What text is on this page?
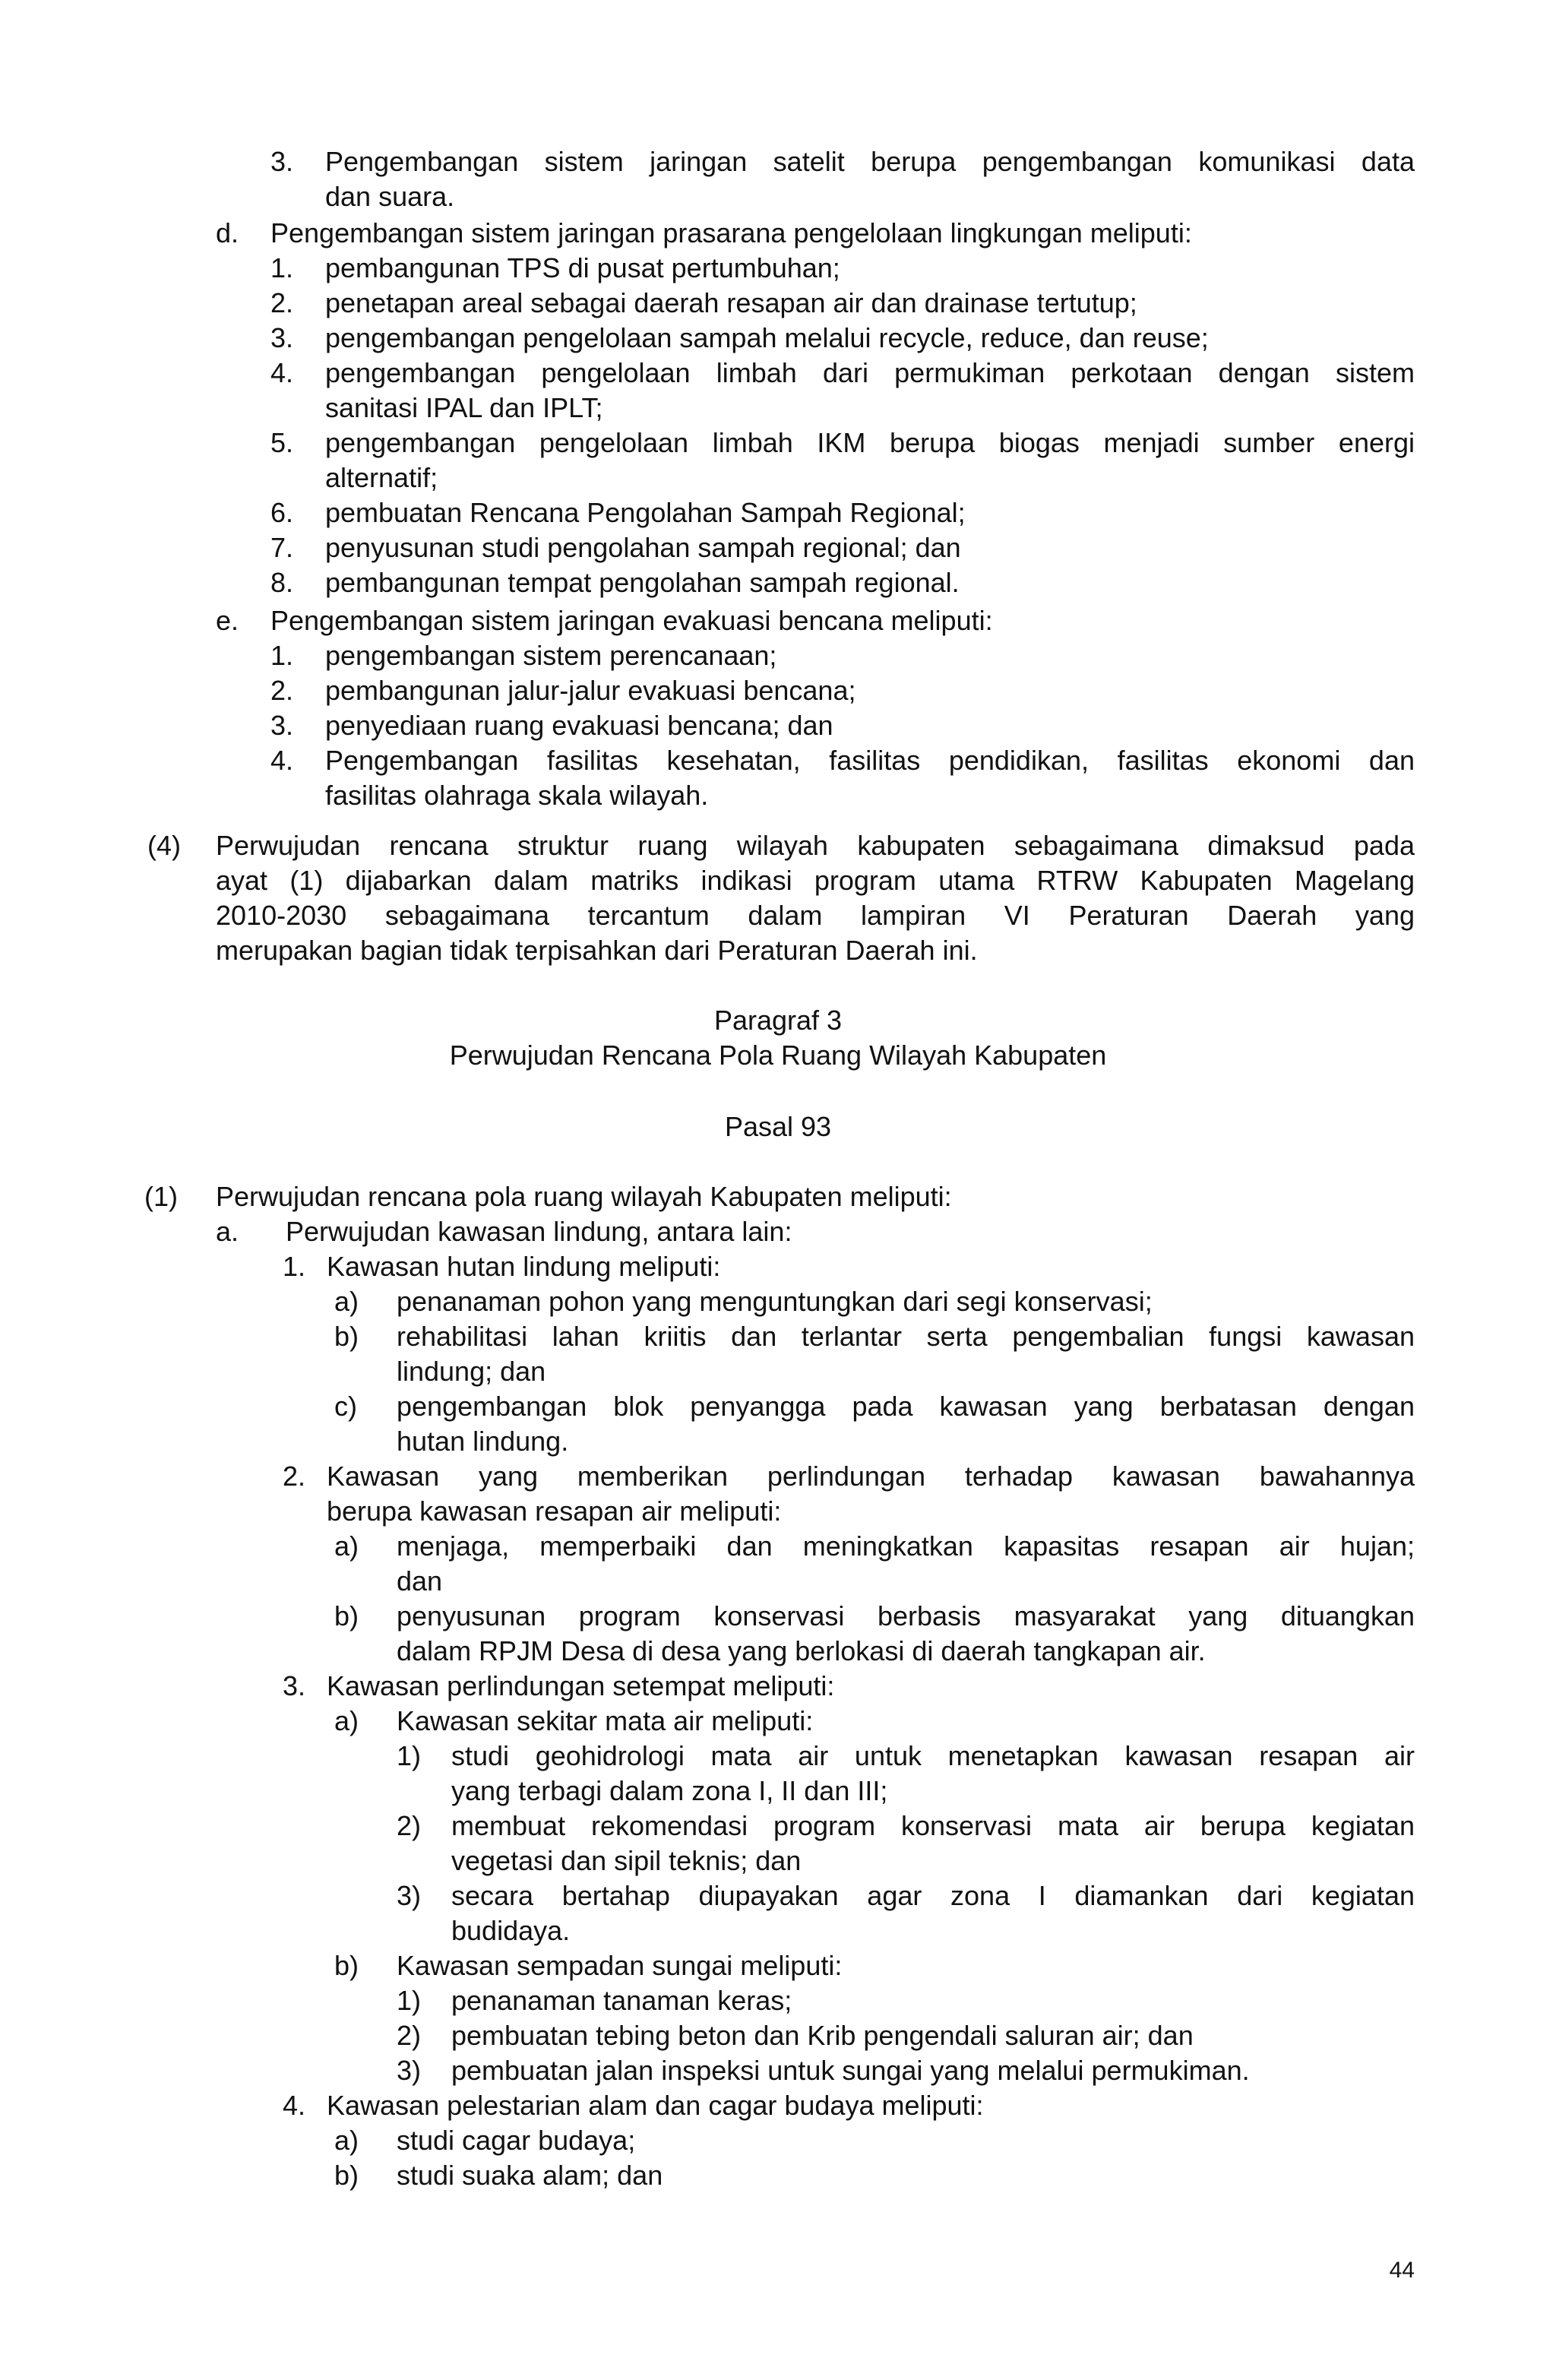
3. Pengembangan sistem jaringan satelit berupa pengembangan komunikasi data
dan suara.
d. Pengembangan sistem jaringan prasarana pengelolaan lingkungan meliputi:
1. pembangunan TPS di pusat pertumbuhan;
2. penetapan areal sebagai daerah resapan air dan drainase tertutup;
3. pengembangan pengelolaan sampah melalui recycle, reduce, dan reuse;
4. pengembangan pengelolaan limbah dari permukiman perkotaan dengan sistem
sanitasi IPAL dan IPLT;
5. pengembangan pengelolaan limbah IKM berupa biogas menjadi sumber energi
alternatif;
6. pembuatan Rencana Pengolahan Sampah Regional;
7. penyusunan studi pengolahan sampah regional; dan
8. pembangunan tempat pengolahan sampah regional.
e. Pengembangan sistem jaringan evakuasi bencana meliputi:
1. pengembangan sistem perencanaan;
2. pembangunan jalur-jalur evakuasi bencana;
3. penyediaan ruang evakuasi bencana; dan
4. Pengembangan fasilitas kesehatan, fasilitas pendidikan, fasilitas ekonomi dan
fasilitas olahraga skala wilayah.
(4) Perwujudan rencana struktur ruang wilayah kabupaten sebagaimana dimaksud pada
ayat (1) dijabarkan dalam matriks indikasi program utama RTRW Kabupaten Magelang
2010-2030 sebagaimana tercantum dalam lampiran VI Peraturan Daerah yang
merupakan bagian tidak terpisahkan dari Peraturan Daerah ini.
Paragraf 3
Perwujudan Rencana Pola Ruang Wilayah Kabupaten
Pasal 93
(1) Perwujudan rencana pola ruang wilayah Kabupaten meliputi:
a. Perwujudan kawasan lindung, antara lain:
1. Kawasan hutan lindung meliputi:
a) penanaman pohon yang menguntungkan dari segi konservasi;
b) rehabilitasi lahan kriitis dan terlantar serta pengembalian fungsi kawasan
lindung; dan
c) pengembangan blok penyangga pada kawasan yang berbatasan dengan
hutan lindung.
2. Kawasan yang memberikan perlindungan terhadap kawasan bawahannya
berupa kawasan resapan air meliputi:
a) menjaga, memperbaiki dan meningkatkan kapasitas resapan air hujan;
dan
b) penyusunan program konservasi berbasis masyarakat yang dituangkan
dalam RPJM Desa di desa yang berlokasi di daerah tangkapan air.
3. Kawasan perlindungan setempat meliputi:
a) Kawasan sekitar mata air meliputi:
1) studi geohidrologi mata air untuk menetapkan kawasan resapan air
yang terbagi dalam zona I, II dan III;
2) membuat rekomendasi program konservasi mata air berupa kegiatan
vegetasi dan sipil teknis; dan
3) secara bertahap diupayakan agar zona I diamankan dari kegiatan
budidaya.
b) Kawasan sempadan sungai meliputi:
1) penanaman tanaman keras;
2) pembuatan tebing beton dan Krib pengendali saluran air; dan
3) pembuatan jalan inspeksi untuk sungai yang melalui permukiman.
4. Kawasan pelestarian alam dan cagar budaya meliputi:
a) studi cagar budaya;
b) studi suaka alam; dan
44
